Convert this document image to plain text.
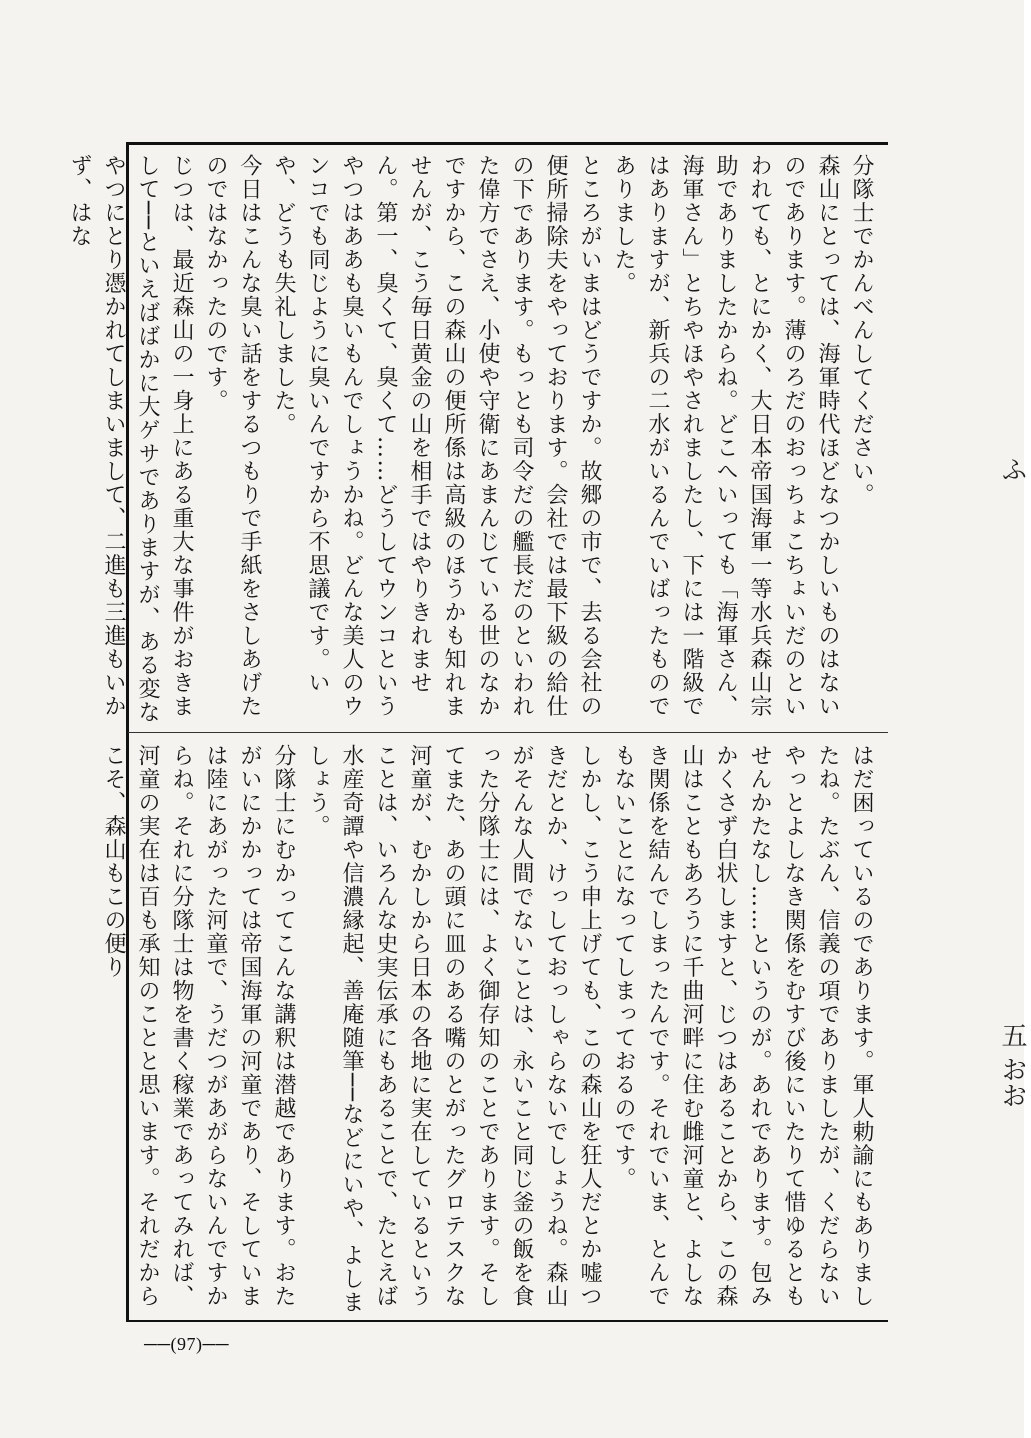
分隊士でかんべんしてください。
森山にとっては、海軍時代ほどなつかしいものはないのであります。薄のろだのおっちょこちょいだのといわれても、とにかく、大日本帝国海軍一等水兵森山宗助でありましたからね。どこへいっても「海軍さん、海軍さん」とちやほやされましたし、下には一階級ではありますが、新兵の二水がいるんでいばったものでありました。
ところがいまはどうですか。故郷の市で、去る会社の便所掃除夫をやっております。会社では最下級の給仕の下であります。もっとも司令だの艦長だのといわれた偉方でさえ、小使や守衛にあまんじている世のなかですから、この森山の便所係は高級のほうかも知れませんが、こう毎日黄金の山を相手ではやりきれません。第一、臭くて、臭くて……どうしてウンコというやつはああも臭いもんでしょうかね。どんな美人のウンコでも同じように臭いんですから不思議です。いや、どうも失礼しました。
今日はこんな臭い話をするつもりで手紙をさしあげたのではなかったのです。
じつは、最近森山の一身上にある重大な事件がおきまして──といえばばかに大ゲサでありますが、ある変なやつにとり憑かれてしまいまして、二進も三進もいかず、はな
はだ困っているのであります。軍人勅諭にもありましたね。たぶん、信義の項でありましたが、くだらないやっとよしなき関係をむすび後にいたりて惜ゆるともせんかたなし……というのが。あれであります。包みかくさず白状しますと、じつはあることから、この森山はこともあろうに千曲河畔に住む雌河童と、よしなき関係を結んでしまったんです。それでいま、とんでもないことになってしまっておるのです。
しかし、こう申上げても、この森山を狂人だとか嘘つきだとか、けっしておっしゃらないでしょうね。森山がそんな人間でないことは、永いこと同じ釜の飯を食った分隊士には、よく御存知のことであります。そしてまた、あの頭に皿のある嘴のとがったグロテスクな河童が、むかしから日本の各地に実在しているということは、いろんな史実伝承にもあることで、たとえば水産奇譚や信濃縁起、善庵随筆──などにいや、よしましょう。
分隊士にむかってこんな講釈は潜越であります。おたがいにかかっては帝国海軍の河童であり、そしていまは陸にあがった河童で、うだつがあがらないんですからね。それに分隊士は物を書く稼業であってみれば、河童の実在は百も承知のことと思います。それだからこそ、森山もこの便り
ふ
五 おお
──(97)──
